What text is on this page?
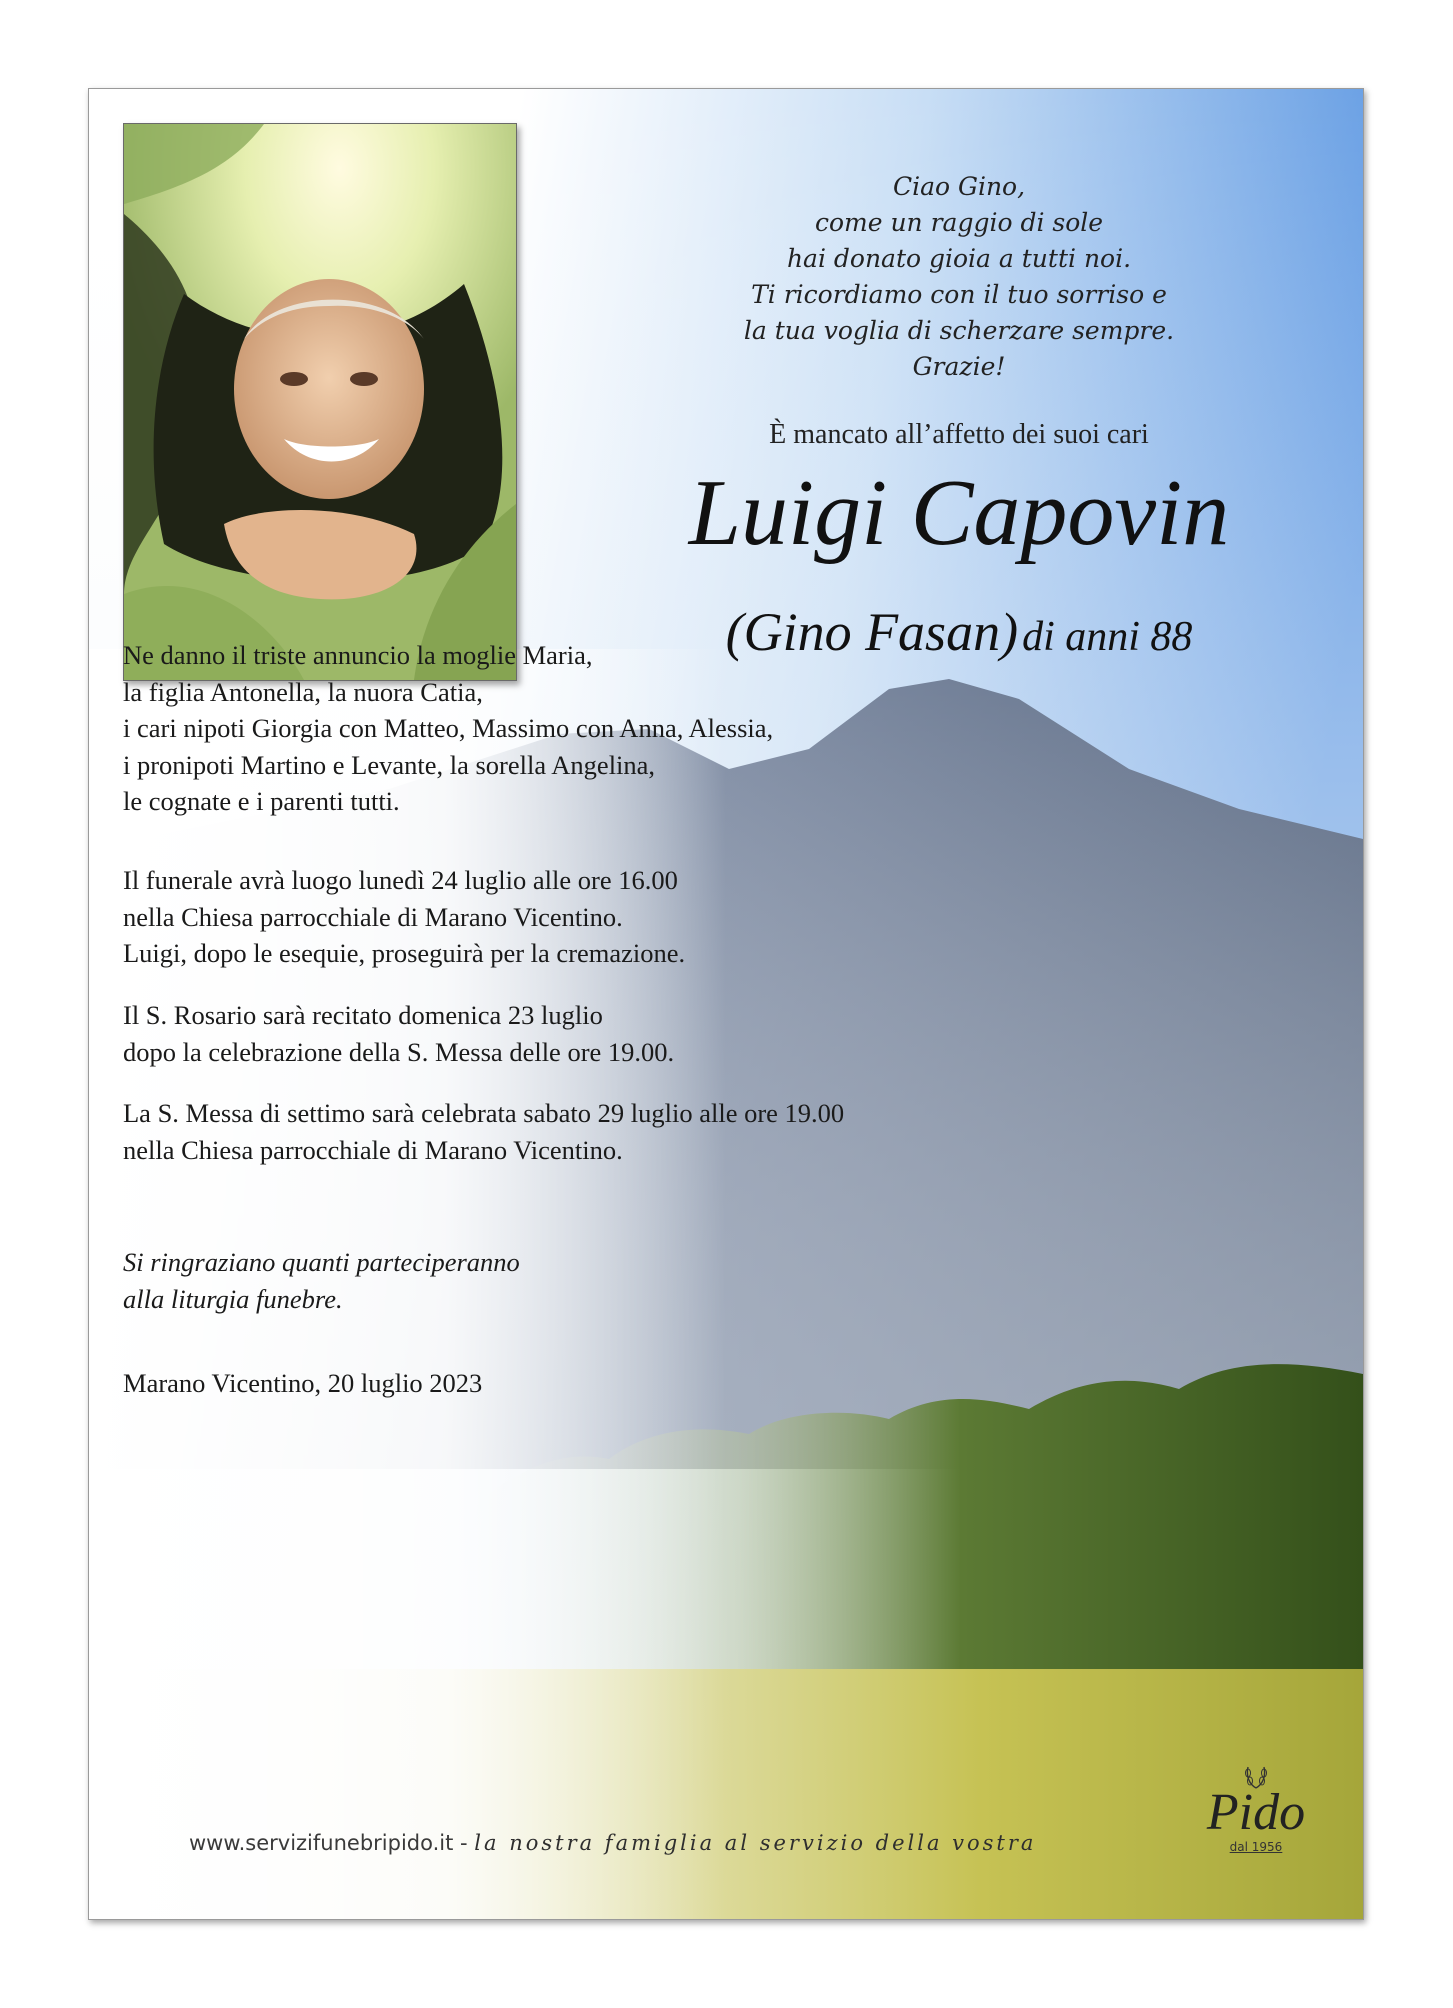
Ciao Gino,
come un raggio di sole
hai donato gioia a tutti noi.
Ti ricordiamo con il tuo sorriso e
la tua voglia di scherzare sempre.
Grazie!
È mancato all’affetto dei suoi cari
Luigi Capovin
(Gino Fasan) di anni 88
Ne danno il triste annuncio la moglie Maria,
la figlia Antonella, la nuora Catia,
i cari nipoti Giorgia con Matteo, Massimo con Anna, Alessia,
i pronipoti Martino e Levante, la sorella Angelina,
le cognate e i parenti tutti.
Il funerale avrà luogo lunedì 24 luglio alle ore 16.00
nella Chiesa parrocchiale di Marano Vicentino.
Luigi, dopo le esequie, proseguirà per la cremazione.
Il S. Rosario sarà recitato domenica 23 luglio
dopo la celebrazione della S. Messa delle ore 19.00.
La S. Messa di settimo sarà celebrata sabato 29 luglio alle ore 19.00
nella Chiesa parrocchiale di Marano Vicentino.
Si ringraziano quanti parteciperanno
alla liturgia funebre.
Marano Vicentino, 20 luglio 2023
www.servizifunebripido.it - la nostra famiglia al servizio della vostra
Pido
dal 1956
